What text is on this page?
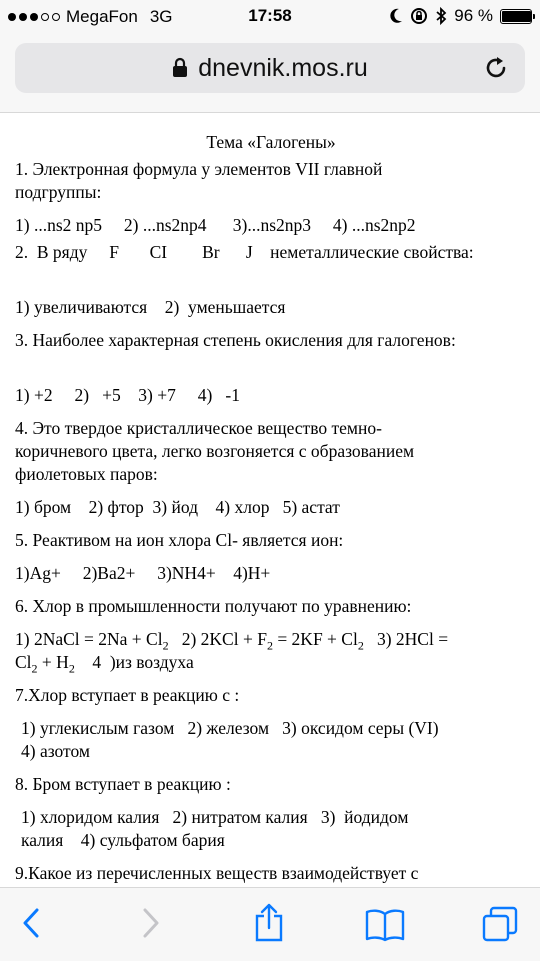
MegaFon 3G	17:58	96 %
dnevnik.mos.ru

Тема «Галогены»

1. Электронная формула у элементов VII главной

подгруппы:

1) ...ns2 np5     2) ...ns2np4      3)...ns2np3     4) ...ns2np2

2.  В ряду     F       CI        Br      J    неметаллические свойства:

1) увеличиваются    2)  уменьшается

3. Наиболее характерная степень окисления для галогенов:

1) +2     2)   +5    3) +7     4)   -1

4. Это твердое кристаллическое вещество темно-

коричневого цвета, легко возгоняется с образованием

фиолетовых паров:

1) бром    2) фтор  3) йод    4) хлор   5) астат

5. Реактивом на ион хлора Cl- является ион:

1)Ag+     2)Ba2+     3)NH4+    4)H+

6. Хлор в промышленности получают по уравнению:

1) 2NaCl = $2Na + Cl_2$   2) $2KCl + F_2 = 2KF + Cl_2$   3) 2HCl =

$Cl_2 + H_2$    4  )из воздуха

7.Хлор вступает в реакцию с :

1) углекислым газом   2) железом   3) оксидом серы (VI)

4) азотом

8. Бром вступает в реакцию :

1) хлоридом калия   2) нитратом калия   3)  йодидом

калия    4) сульфатом бария

9.Какое из перечисленных веществ взаимодействует с
